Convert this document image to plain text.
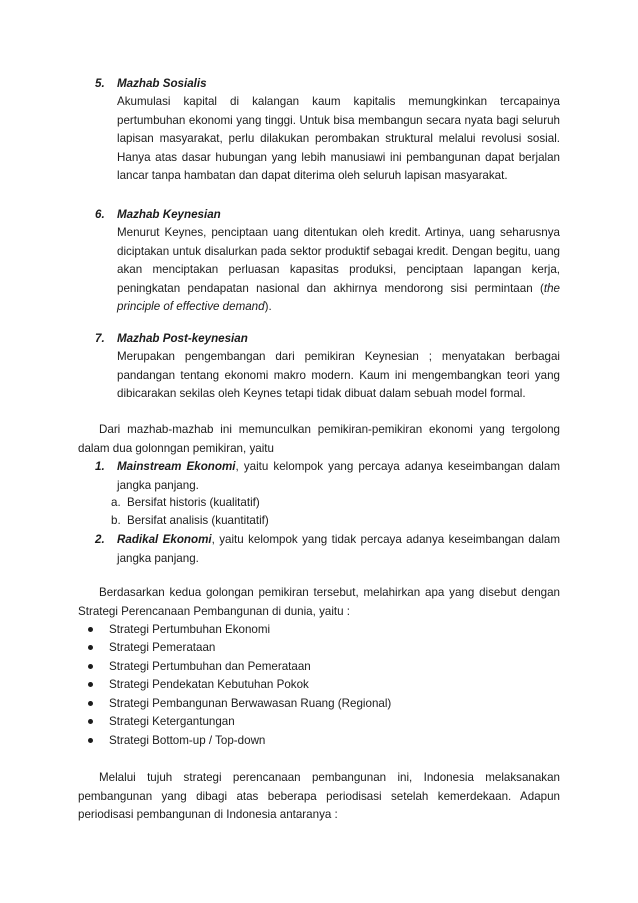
5. Mazhab Sosialis
Akumulasi kapital di kalangan kaum kapitalis memungkinkan tercapainya pertumbuhan ekonomi yang tinggi. Untuk bisa membangun secara nyata bagi seluruh lapisan masyarakat, perlu dilakukan perombakan struktural melalui revolusi sosial. Hanya atas dasar hubungan yang lebih manusiawi ini pembangunan dapat berjalan lancar tanpa hambatan dan dapat diterima oleh seluruh lapisan masyarakat.
6. Mazhab Keynesian
Menurut Keynes, penciptaan uang ditentukan oleh kredit. Artinya, uang seharusnya diciptakan untuk disalurkan pada sektor produktif sebagai kredit. Dengan begitu, uang akan menciptakan perluasan kapasitas produksi, penciptaan lapangan kerja, peningkatan pendapatan nasional dan akhirnya mendorong sisi permintaan (the principle of effective demand).
7. Mazhab Post-keynesian
Merupakan pengembangan dari pemikiran Keynesian ; menyatakan berbagai pandangan tentang ekonomi makro modern. Kaum ini mengembangkan teori yang dibicarakan sekilas oleh Keynes tetapi tidak dibuat dalam sebuah model formal.
Dari mazhab-mazhab ini memunculkan pemikiran-pemikiran ekonomi yang tergolong dalam dua golonngan pemikiran, yaitu
1. Mainstream Ekonomi, yaitu kelompok yang percaya adanya keseimbangan dalam jangka panjang.
a. Bersifat historis (kualitatif)
b. Bersifat analisis (kuantitatif)
2. Radikal Ekonomi, yaitu kelompok yang tidak percaya adanya keseimbangan dalam jangka panjang.
Berdasarkan kedua golongan pemikiran tersebut, melahirkan apa yang disebut dengan Strategi Perencanaan Pembangunan di dunia, yaitu :
Strategi Pertumbuhan Ekonomi
Strategi Pemerataan
Strategi Pertumbuhan dan Pemerataan
Strategi Pendekatan Kebutuhan Pokok
Strategi Pembangunan Berwawasan Ruang (Regional)
Strategi Ketergantungan
Strategi Bottom-up / Top-down
Melalui tujuh strategi perencanaan pembangunan ini, Indonesia melaksanakan pembangunan yang dibagi atas beberapa periodisasi setelah kemerdekaan. Adapun periodisasi pembangunan di Indonesia antaranya :
